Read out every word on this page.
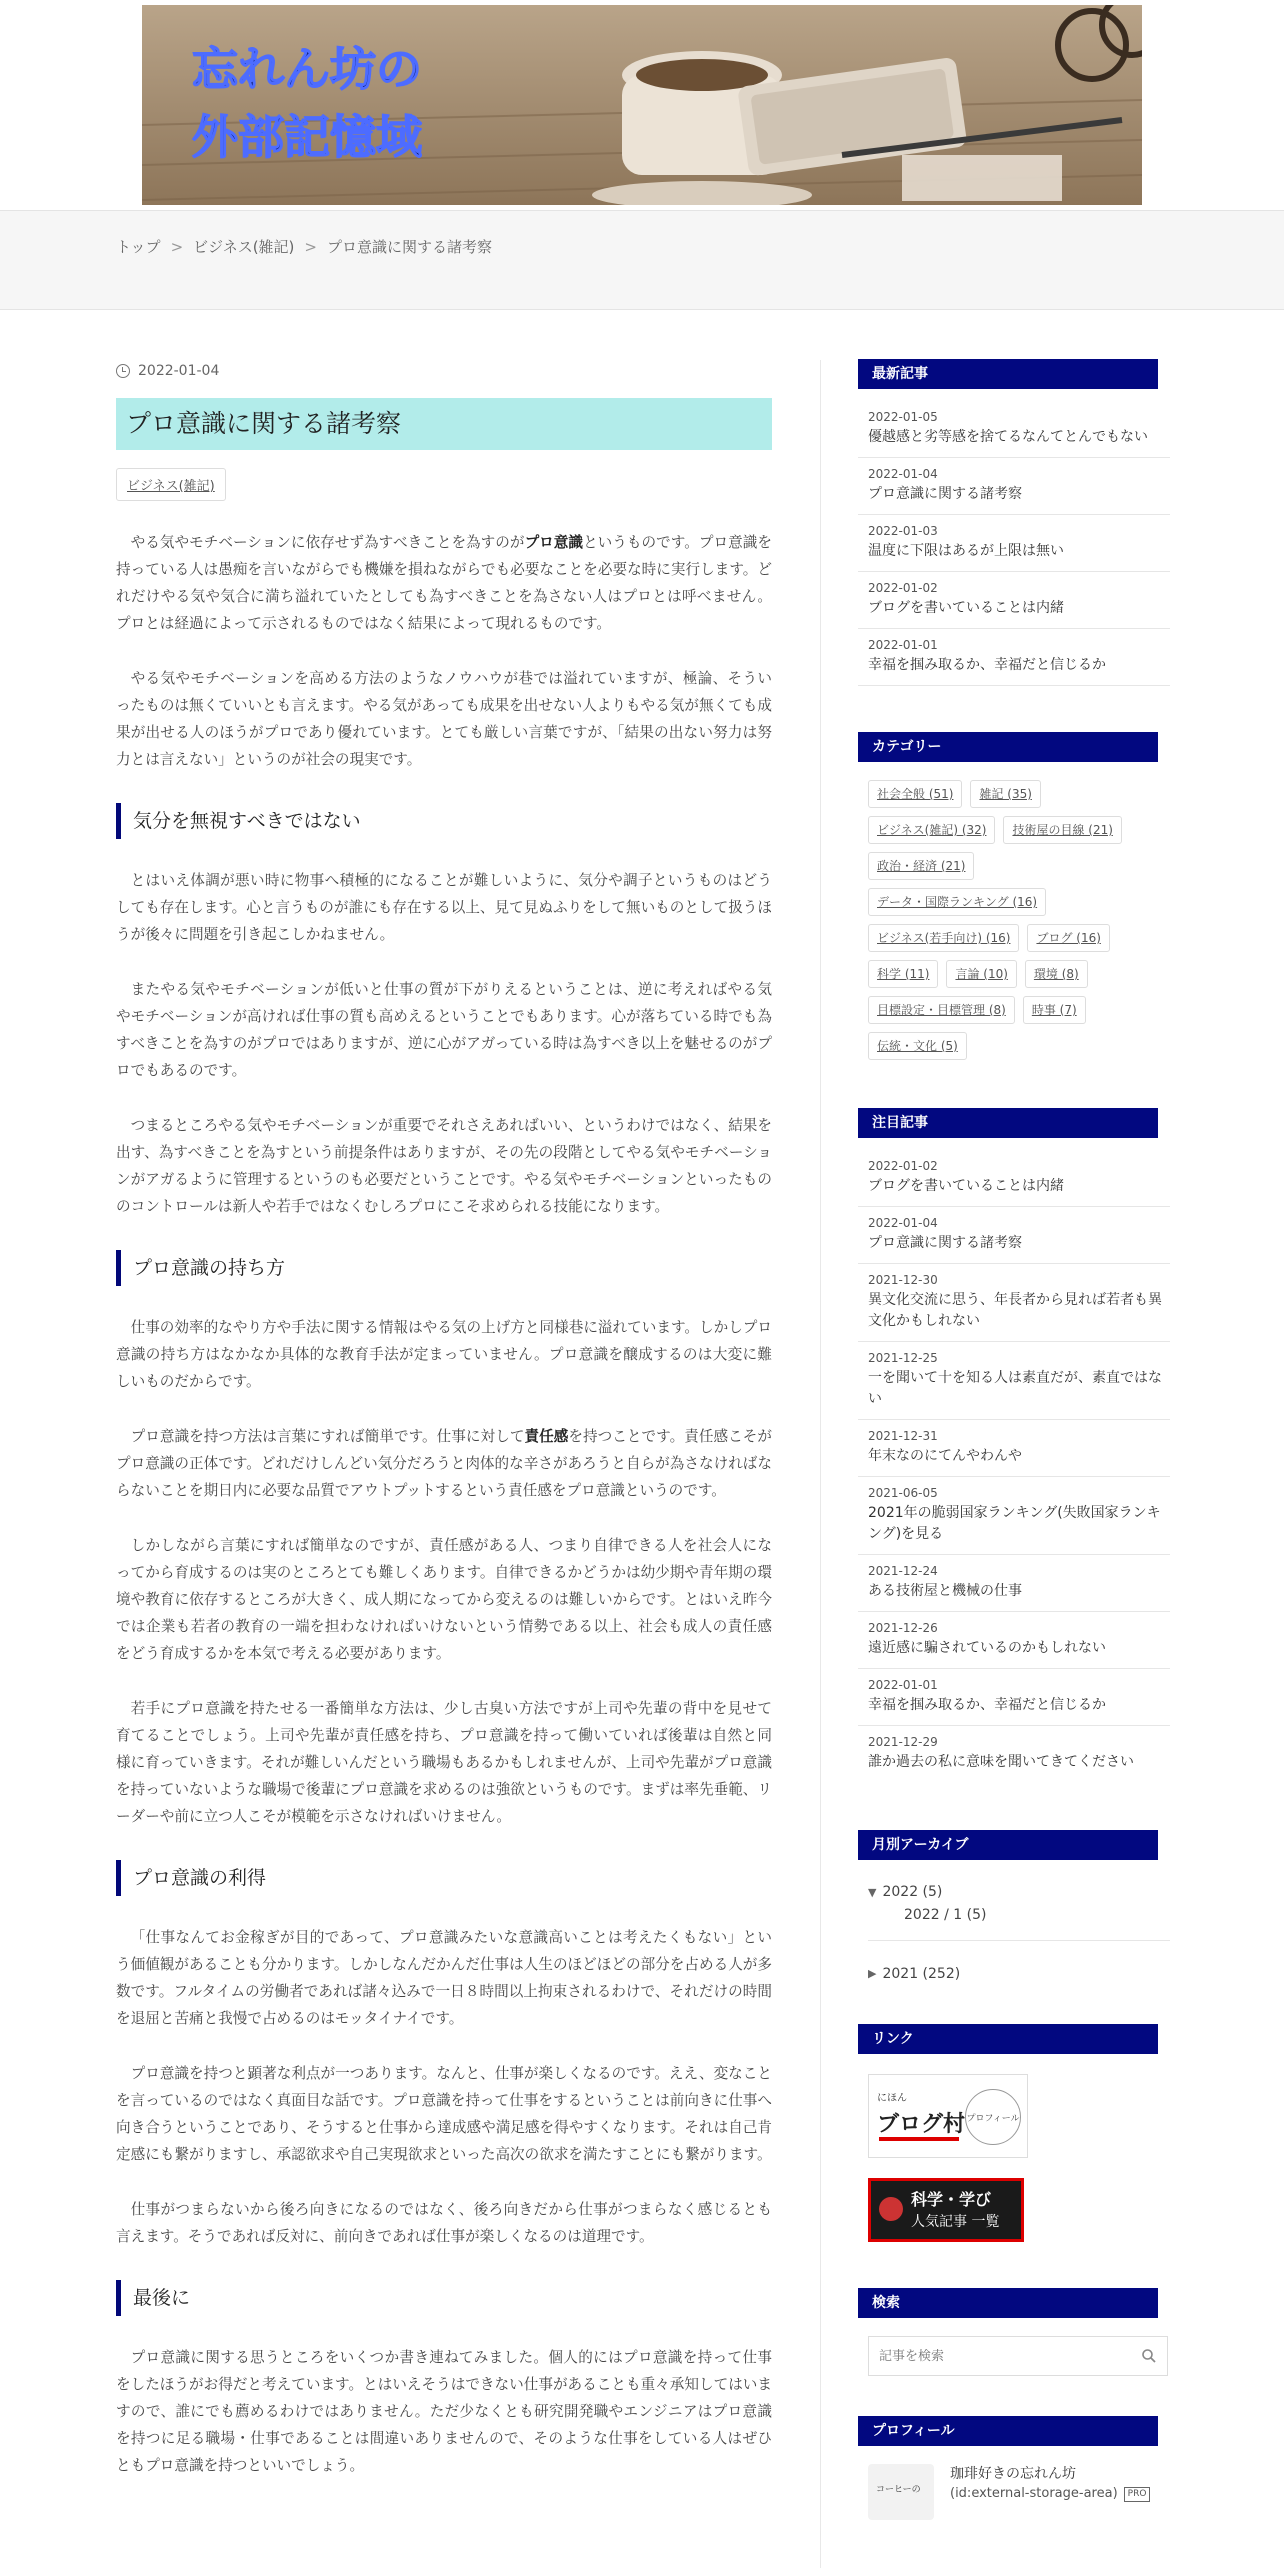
忘れん坊の
外部記憶域
トップ > ビジネス(雑記) > プロ意識に関する諸考察
2022-01-04
プロ意識に関する諸考察
ビジネス(雑記)

やる気やモチベーションに依存せず為すべきことを為すのがプロ意識というものです。プロ意識を持っている人は愚痴を言いながらでも機嫌を損ねながらでも必要なことを必要な時に実行します。どれだけやる気や気合に満ち溢れていたとしても為すべきことを為さない人はプロとは呼べません。プロとは経過によって示されるものではなく結果によって現れるものです。

やる気やモチベーションを高める方法のようなノウハウが巷では溢れていますが、極論、そういったものは無くていいとも言えます。やる気があっても成果を出せない人よりもやる気が無くても成果が出せる人のほうがプロであり優れています。とても厳しい言葉ですが、「結果の出ない努力は努力とは言えない」というのが社会の現実です。

気分を無視すべきではない

とはいえ体調が悪い時に物事へ積極的になることが難しいように、気分や調子というものはどうしても存在します。心と言うものが誰にも存在する以上、見て見ぬふりをして無いものとして扱うほうが後々に問題を引き起こしかねません。

またやる気やモチベーションが低いと仕事の質が下がりえるということは、逆に考えればやる気やモチベーションが高ければ仕事の質も高めえるということでもあります。心が落ちている時でも為すべきことを為すのがプロではありますが、逆に心がアガっている時は為すべき以上を魅せるのがプロでもあるのです。

つまるところやる気やモチベーションが重要でそれさえあればいい、というわけではなく、結果を出す、為すべきことを為すという前提条件はありますが、その先の段階としてやる気やモチベーションがアガるように管理するというのも必要だということです。やる気やモチベーションといったもののコントロールは新人や若手ではなくむしろプロにこそ求められる技能になります。

プロ意識の持ち方

仕事の効率的なやり方や手法に関する情報はやる気の上げ方と同様巷に溢れています。しかしプロ意識の持ち方はなかなか具体的な教育手法が定まっていません。プロ意識を醸成するのは大変に難しいものだからです。

プロ意識を持つ方法は言葉にすれば簡単です。仕事に対して責任感を持つことです。責任感こそがプロ意識の正体です。どれだけしんどい気分だろうと肉体的な辛さがあろうと自らが為さなければならないことを期日内に必要な品質でアウトプットするという責任感をプロ意識というのです。

しかしながら言葉にすれば簡単なのですが、責任感がある人、つまり自律できる人を社会人になってから育成するのは実のところとても難しくあります。自律できるかどうかは幼少期や青年期の環境や教育に依存するところが大きく、成人期になってから変えるのは難しいからです。とはいえ昨今では企業も若者の教育の一端を担わなければいけないという情勢である以上、社会も成人の責任感をどう育成するかを本気で考える必要があります。

若手にプロ意識を持たせる一番簡単な方法は、少し古臭い方法ですが上司や先輩の背中を見せて育てることでしょう。上司や先輩が責任感を持ち、プロ意識を持って働いていれば後輩は自然と同様に育っていきます。それが難しいんだという職場もあるかもしれませんが、上司や先輩がプロ意識を持っていないような職場で後輩にプロ意識を求めるのは強欲というものです。まずは率先垂範、リーダーや前に立つ人こそが模範を示さなければいけません。

プロ意識の利得

「仕事なんてお金稼ぎが目的であって、プロ意識みたいな意識高いことは考えたくもない」という価値観があることも分かります。しかしなんだかんだ仕事は人生のほどほどの部分を占める人が多数です。フルタイムの労働者であれば諸々込みで一日８時間以上拘束されるわけで、それだけの時間を退屈と苦痛と我慢で占めるのはモッタイナイです。

プロ意識を持つと顕著な利点が一つあります。なんと、仕事が楽しくなるのです。ええ、変なことを言っているのではなく真面目な話です。プロ意識を持って仕事をするということは前向きに仕事へ向き合うということであり、そうすると仕事から達成感や満足感を得やすくなります。それは自己肯定感にも繋がりますし、承認欲求や自己実現欲求といった高次の欲求を満たすことにも繋がります。

仕事がつまらないから後ろ向きになるのではなく、後ろ向きだから仕事がつまらなく感じるとも言えます。そうであれば反対に、前向きであれば仕事が楽しくなるのは道理です。

最後に

プロ意識に関する思うところをいくつか書き連ねてみました。個人的にはプロ意識を持って仕事をしたほうがお得だと考えています。とはいえそうはできない仕事があることも重々承知してはいますので、誰にでも薦めるわけではありません。ただ少なくとも研究開発職やエンジニアはプロ意識を持つに足る職場・仕事であることは間違いありませんので、そのような仕事をしている人はぜひともプロ意識を持つといいでしょう。

最新記事
2022-01-05
優越感と劣等感を捨てるなんてとんでもない
2022-01-04
プロ意識に関する諸考察
2022-01-03
温度に下限はあるが上限は無い
2022-01-02
ブログを書いていることは内緒
2022-01-01
幸福を掴み取るか、幸福だと信じるか
カテゴリー
社会全般 (51)	雑記 (35)
ビジネス(雑記) (32)	技術屋の目線 (21)
政治・経済 (21)
データ・国際ランキング (16)
ビジネス(若手向け) (16)	ブログ (16)
科学 (11)	言論 (10)	環境 (8)
目標設定・目標管理 (8)	時事 (7)
伝統・文化 (5)
注目記事
2022-01-02
ブログを書いていることは内緒
2022-01-04
プロ意識に関する諸考察
2021-12-30
異文化交流に思う、年長者から見れば若者も異文化かもしれない
2021-12-25
一を聞いて十を知る人は素直だが、素直ではない
2021-12-31
年末なのにてんやわんや
2021-06-05
2021年の脆弱国家ランキング(失敗国家ランキング)を見る
2021-12-24
ある技術屋と機械の仕事
2021-12-26
遠近感に騙されているのかもしれない
2022-01-01
幸福を掴み取るか、幸福だと信じるか
2021-12-29
誰か過去の私に意味を聞いてきてください
月別アーカイブ
▼ 2022 (5)
2022 / 1 (5)
▶ 2021 (252)
リンク
にほん
ブログ村 プロフィール
科学・学び
人気記事 一覧
検索
記事を検索
プロフィール
コーヒーの
珈琲好きの忘れん坊
(id:external-storage-area)	PRO
